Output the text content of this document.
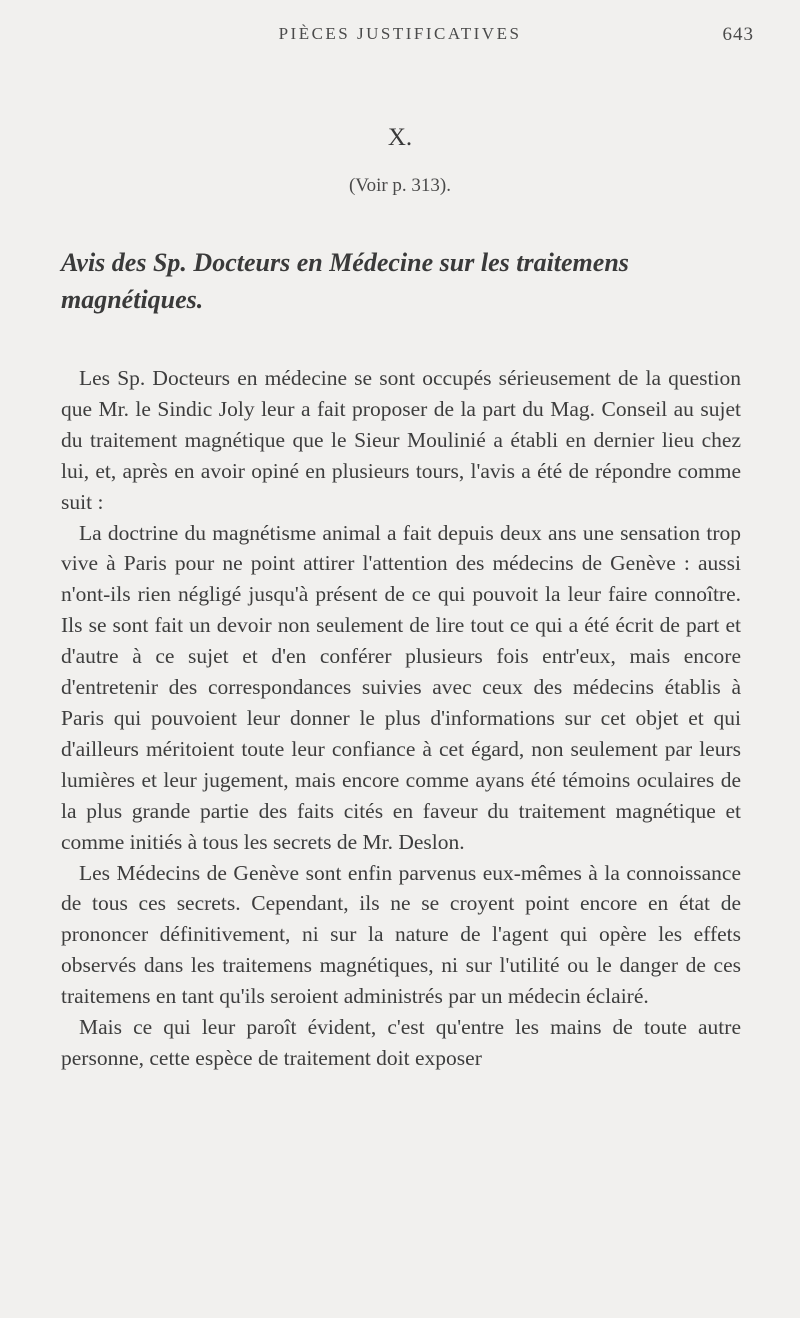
PIÈCES JUSTIFICATIVES	643
X.
(Voir p. 313).
Avis des Sp. Docteurs en Médecine sur les traitemens magnétiques.

Les Sp. Docteurs en médecine se sont occupés sérieusement de la question que Mr. le Sindic Joly leur a fait proposer de la part du Mag. Conseil au sujet du traitement magnétique que le Sieur Moulinié a établi en dernier lieu chez lui, et, après en avoir opiné en plusieurs tours, l'avis a été de répondre comme suit :

La doctrine du magnétisme animal a fait depuis deux ans une sensation trop vive à Paris pour ne point attirer l'attention des médecins de Genève : aussi n'ont-ils rien négligé jusqu'à présent de ce qui pouvoit la leur faire connoître. Ils se sont fait un devoir non seulement de lire tout ce qui a été écrit de part et d'autre à ce sujet et d'en conférer plusieurs fois entr'eux, mais encore d'entretenir des correspondances suivies avec ceux des médecins établis à Paris qui pouvoient leur donner le plus d'informations sur cet objet et qui d'ailleurs méritoient toute leur confiance à cet égard, non seulement par leurs lumières et leur jugement, mais encore comme ayans été témoins oculaires de la plus grande partie des faits cités en faveur du traitement magnétique et comme initiés à tous les secrets de Mr. Deslon.

Les Médecins de Genève sont enfin parvenus eux-mêmes à la connoissance de tous ces secrets. Cependant, ils ne se croyent point encore en état de prononcer définitivement, ni sur la nature de l'agent qui opère les effets observés dans les traitemens magnétiques, ni sur l'utilité ou le danger de ces traitemens en tant qu'ils seroient administrés par un médecin éclairé.

Mais ce qui leur paroît évident, c'est qu'entre les mains de toute autre personne, cette espèce de traitement doit exposer
